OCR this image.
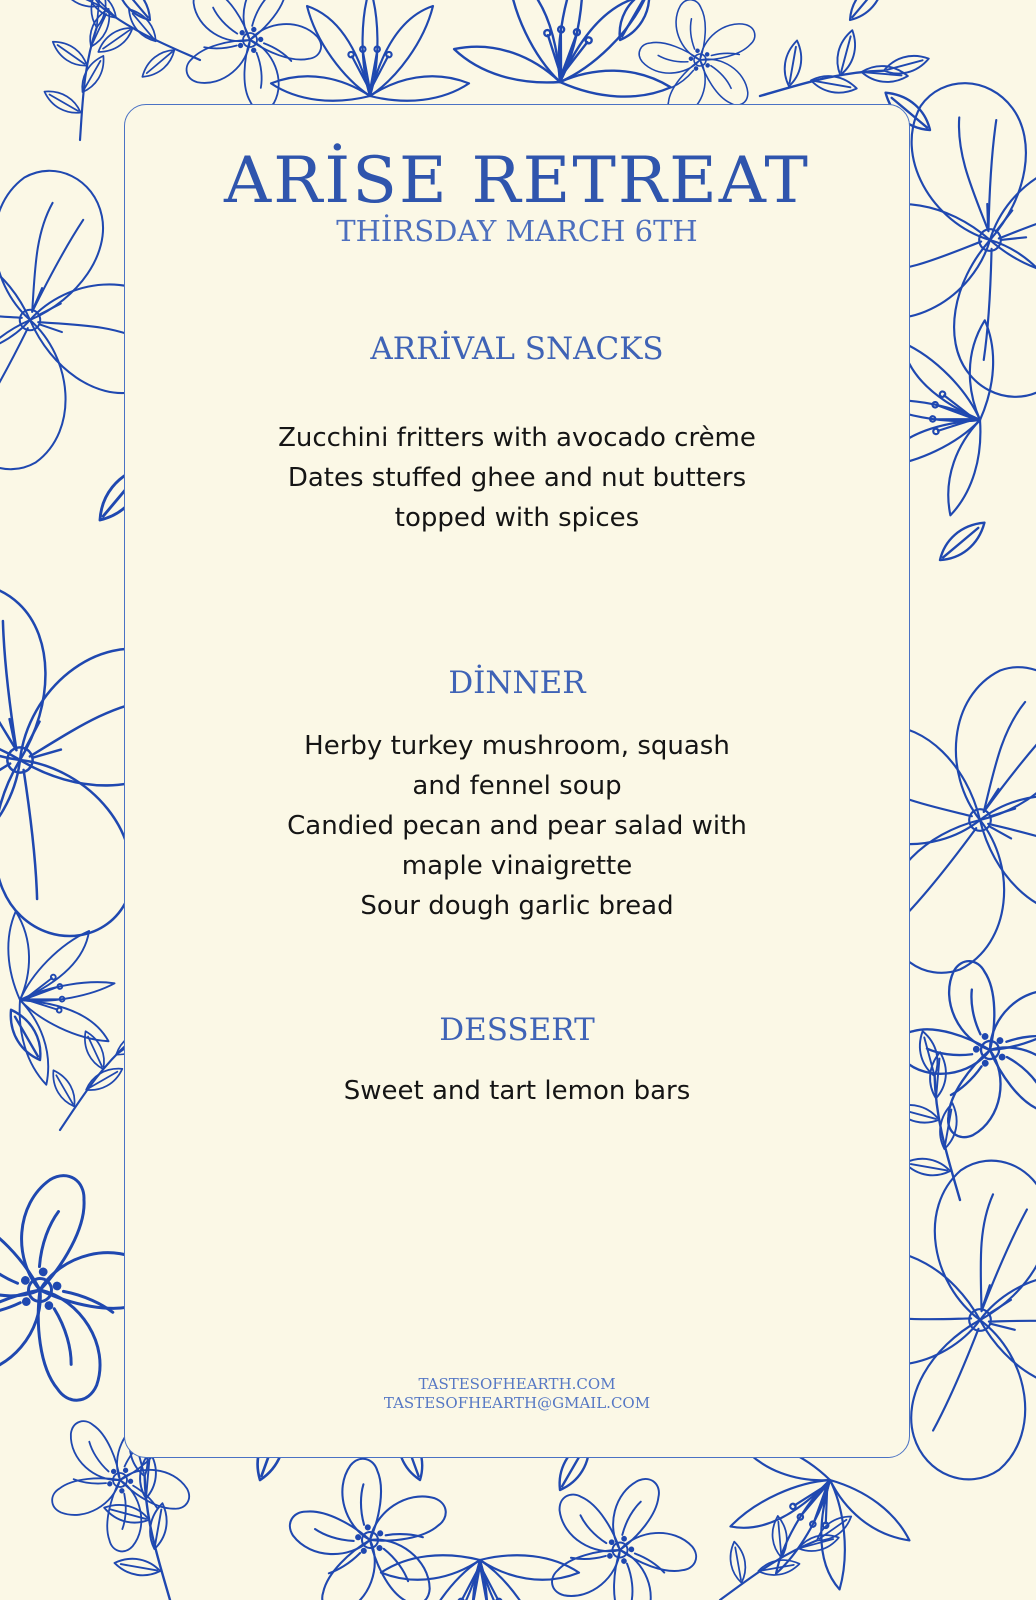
ARİSE RETREAT
THİRSDAY MARCH 6TH
ARRİVAL SNACKS
Zucchini fritters with avocado crème
Dates stuffed ghee and nut butters
topped with spices
DİNNER
Herby turkey mushroom, squash
and fennel soup
Candied pecan and pear salad with
maple vinaigrette
Sour dough garlic bread
DESSERT
Sweet and tart lemon bars
TASTESOFHEARTH.COM
TASTESOFHEARTH@GMAIL.COM
